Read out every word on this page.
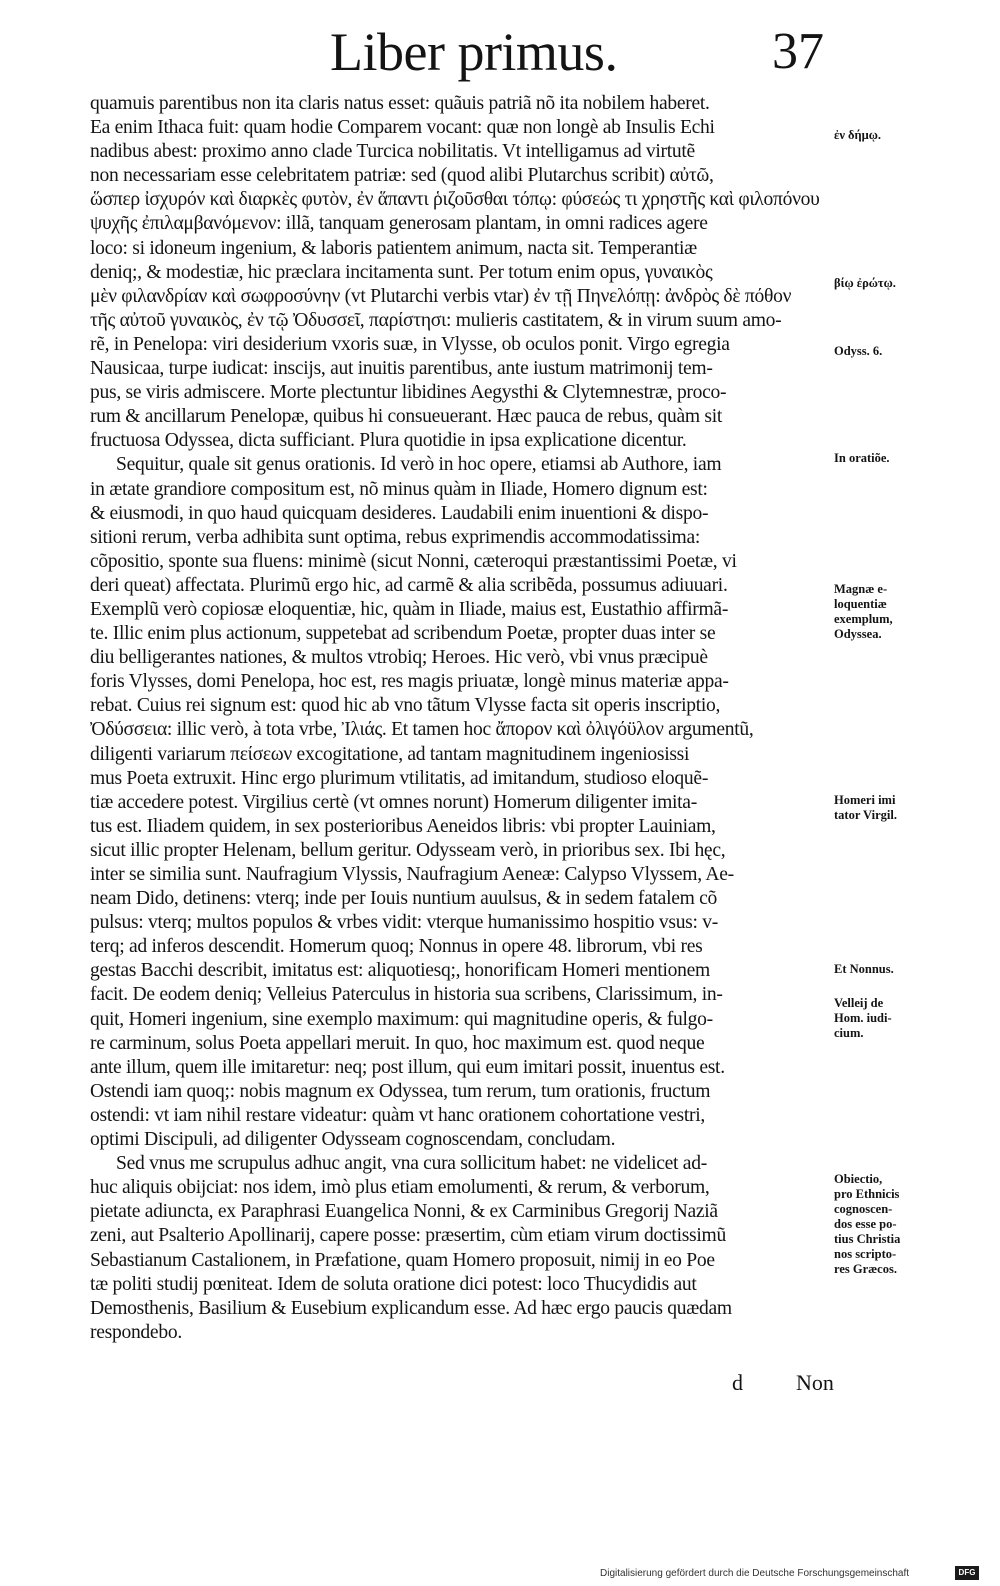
Liber primus.	37
quamuis parentibus non ita claris natus esset: quãuis patriã nõ ita nobilem haberet.
Ea enim Ithaca fuit: quam hodie Comparem vocant: quæ non longè ab Insulis Echi
nadibus abest: proximo anno clade Turcica nobilitatis. Vt intelligamus ad virtutẽ
non necessariam esse celebritatem patriæ: sed (quod alibi Plutarchus scribit) αὐτῶ,
ὥσπερ ἰσχυρόν καὶ διαρκὲς φυτὸν, ἐν ἅπαντι ῥιζοῦσθαι τόπῳ: φύσεώς τι χρηστῆς καὶ φιλοπόνου
ψυχῆς ἐπιλαμβανόμενον: illã, tanquam generosam plantam, in omni radices agere
loco: si idoneum ingenium, & laboris patientem animum, nacta sit. Temperantiæ
deniq;, & modestiæ, hic præclara incitamenta sunt. Per totum enim opus, γυναικὸς
μὲν φιλανδρίαν καὶ σωφροσύνην (vt Plutarchi verbis vtar) ἐν τῇ Πηνελόπῃ: ἀνδρὸς δὲ πόθον
τῆς αὐτοῦ γυναικὸς, ἐν τῷ Ὀδυσσεῖ, παρίστησι: mulieris castitatem, & in virum suum amo-
rẽ, in Penelopa: viri desiderium vxoris suæ, in Vlysse, ob oculos ponit. Virgo egregia
Nausicaa, turpe iudicat: inscijs, aut inuitis parentibus, ante iustum matrimonij tem-
pus, se viris admiscere. Morte plectuntur libidines Aegysthi & Clytemnestræ, proco-
rum & ancillarum Penelopæ, quibus hi consueuerant. Hæc pauca de rebus, quàm sit
fructuosa Odyssea, dicta sufficiant. Plura quotidie in ipsa explicatione dicentur.
Sequitur, quale sit genus orationis. Id verò in hoc opere, etiamsi ab Authore, iam
in ætate grandiore compositum est, nõ minus quàm in Iliade, Homero dignum est:
& eiusmodi, in quo haud quicquam desideres. Laudabili enim inuentioni & dispo-
sitioni rerum, verba adhibita sunt optima, rebus exprimendis accommodatissima:
cõpositio, sponte sua fluens: minimè (sicut Nonni, cæteroqui præstantissimi Poetæ, vi
deri queat) affectata. Plurimũ ergo hic, ad carmẽ & alia scribẽda, possumus adiuuari.
Exemplũ verò copiosæ eloquentiæ, hic, quàm in Iliade, maius est, Eustathio affirmã-
te. Illic enim plus actionum, suppetebat ad scribendum Poetæ, propter duas inter se
diu belligerantes nationes, & multos vtrobiq; Heroes. Hic verò, vbi vnus præcipuè
foris Vlysses, domi Penelopa, hoc est, res magis priuatæ, longè minus materiæ appa-
rebat. Cuius rei signum est: quod hic ab vno tãtum Vlysse facta sit operis inscriptio,
Ὀδύσσεια: illic verò, à tota vrbe, Ἰλιάς. Et tamen hoc ἄπορον καὶ ὀλιγόϋλον argumentũ,
diligenti variarum πείσεων excogitatione, ad tantam magnitudinem ingeniosissi
mus Poeta extruxit. Hinc ergo plurimum vtilitatis, ad imitandum, studioso eloquẽ-
tiæ accedere potest. Virgilius certè (vt omnes norunt) Homerum diligenter imita-
tus est. Iliadem quidem, in sex posterioribus Aeneidos libris: vbi propter Lauiniam,
sicut illic propter Helenam, bellum geritur. Odysseam verò, in prioribus sex. Ibi hęc,
inter se similia sunt. Naufragium Vlyssis, Naufragium Aeneæ: Calypso Vlyssem, Ae-
neam Dido, detinens: vterq; inde per Iouis nuntium auulsus, & in sedem fatalem cõ
pulsus: vterq; multos populos & vrbes vidit: vterque humanissimo hospitio vsus: v-
terq; ad inferos descendit. Homerum quoq; Nonnus in opere 48. librorum, vbi res
gestas Bacchi describit, imitatus est: aliquotiesq;, honorificam Homeri mentionem
facit. De eodem deniq; Velleius Paterculus in historia sua scribens, Clarissimum, in-
quit, Homeri ingenium, sine exemplo maximum: qui magnitudine operis, & fulgo-
re carminum, solus Poeta appellari meruit. In quo, hoc maximum est. quod neque
ante illum, quem ille imitaretur: neq; post illum, qui eum imitari possit, inuentus est.
Ostendi iam quoq;: nobis magnum ex Odyssea, tum rerum, tum orationis, fructum
ostendi: vt iam nihil restare videatur: quàm vt hanc orationem cohortatione vestri,
optimi Discipuli, ad diligenter Odysseam cognoscendam, concludam.
Sed vnus me scrupulus adhuc angit, vna cura sollicitum habet: ne videlicet ad-
huc aliquis obijciat: nos idem, imò plus etiam emolumenti, & rerum, & verborum,
pietate adiuncta, ex Paraphrasi Euangelica Nonni, & ex Carminibus Gregorij Naziã
zeni, aut Psalterio Apollinarij, capere posse: præsertim, cùm etiam virum doctissimũ
Sebastianum Castalionem, in Præfatione, quam Homero proposuit, nimij in eo Poe
tæ politi studij pœniteat. Idem de soluta oratione dici potest: loco Thucydidis aut
Demosthenis, Basilium & Eusebium explicandum esse. Ad hæc ergo paucis quædam
respondebo.
ἐν δήμῳ.
βίῳ ἐρώτῳ.
Odyss. 6.
In oratiõe.
Magnæ e-
loquentiæ
exemplum,
Odyssea.
Homeri imi
tator Virgil.
Et Nonnus.
Velleij de
Hom. iudi-
cium.
Obiectio,
pro Ethnicis
cognoscen-
dos esse po-
tius Christia
nos scripto-
res Græcos.
d Non
Digitalisierung gefördert durch die Deutsche Forschungsgemeinschaft	DFG
